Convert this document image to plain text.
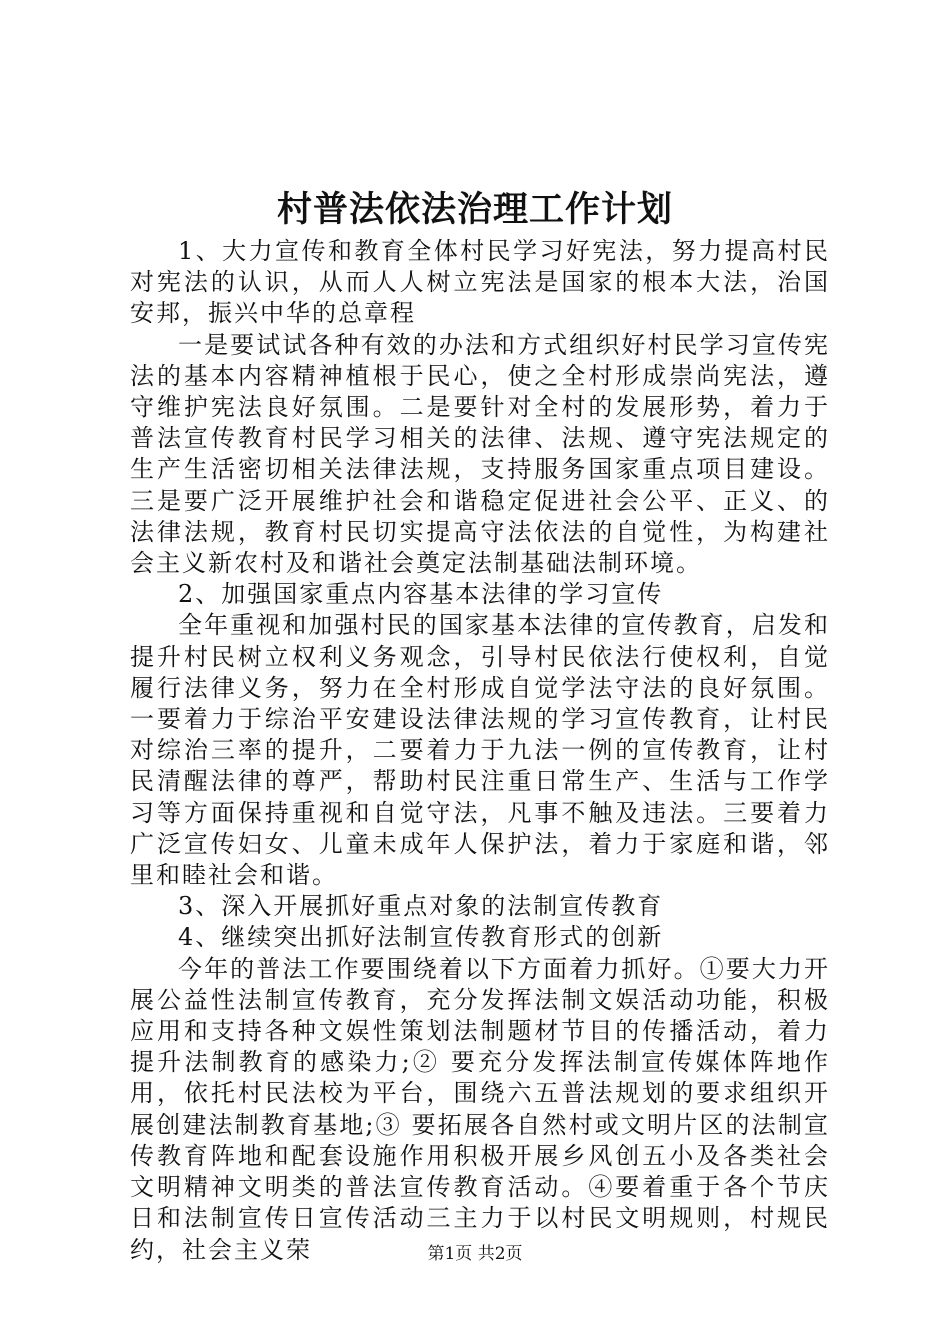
村普法依法治理工作计划

1、大力宣传和教育全体村民学习好宪法，努力提高村民对宪法的认识，从而人人树立宪法是国家的根本大法，治国安邦，振兴中华的总章程

一是要试试各种有效的办法和方式组织好村民学习宣传宪法的基本内容精神植根于民心，使之全村形成崇尚宪法，遵守维护宪法良好氛围。二是要针对全村的发展形势，着力于普法宣传教育村民学习相关的法律、法规、遵守宪法规定的生产生活密切相关法律法规，支持服务国家重点项目建设。三是要广泛开展维护社会和谐稳定促进社会公平、正义、的法律法规，教育村民切实提高守法依法的自觉性，为构建社会主义新农村及和谐社会奠定法制基础法制环境。

2、加强国家重点内容基本法律的学习宣传

全年重视和加强村民的国家基本法律的宣传教育，启发和提升村民树立权利义务观念，引导村民依法行使权利，自觉履行法律义务，努力在全村形成自觉学法守法的良好氛围。一要着力于综治平安建设法律法规的学习宣传教育，让村民对综治三率的提升，二要着力于九法一例的宣传教育，让村民清醒法律的尊严，帮助村民注重日常生产、生活与工作学习等方面保持重视和自觉守法，凡事不触及违法。三要着力广泛宣传妇女、儿童未成年人保护法，着力于家庭和谐，邻里和睦社会和谐。

3、深入开展抓好重点对象的法制宣传教育

4、继续突出抓好法制宣传教育形式的创新

今年的普法工作要围绕着以下方面着力抓好。①要大力开展公益性法制宣传教育，充分发挥法制文娱活动功能，积极应用和支持各种文娱性策划法制题材节目的传播活动，着力提升法制教育的感染力;② 要充分发挥法制宣传媒体阵地作用，依托村民法校为平台，围绕六五普法规划的要求组织开展创建法制教育基地;③ 要拓展各自然村或文明片区的法制宣传教育阵地和配套设施作用积极开展乡风创五小及各类社会文明精神文明类的普法宣传教育活动。④要着重于各个节庆日和法制宣传日宣传活动三主力于以村民文明规则，村规民约，社会主义荣	第1页 共2页
